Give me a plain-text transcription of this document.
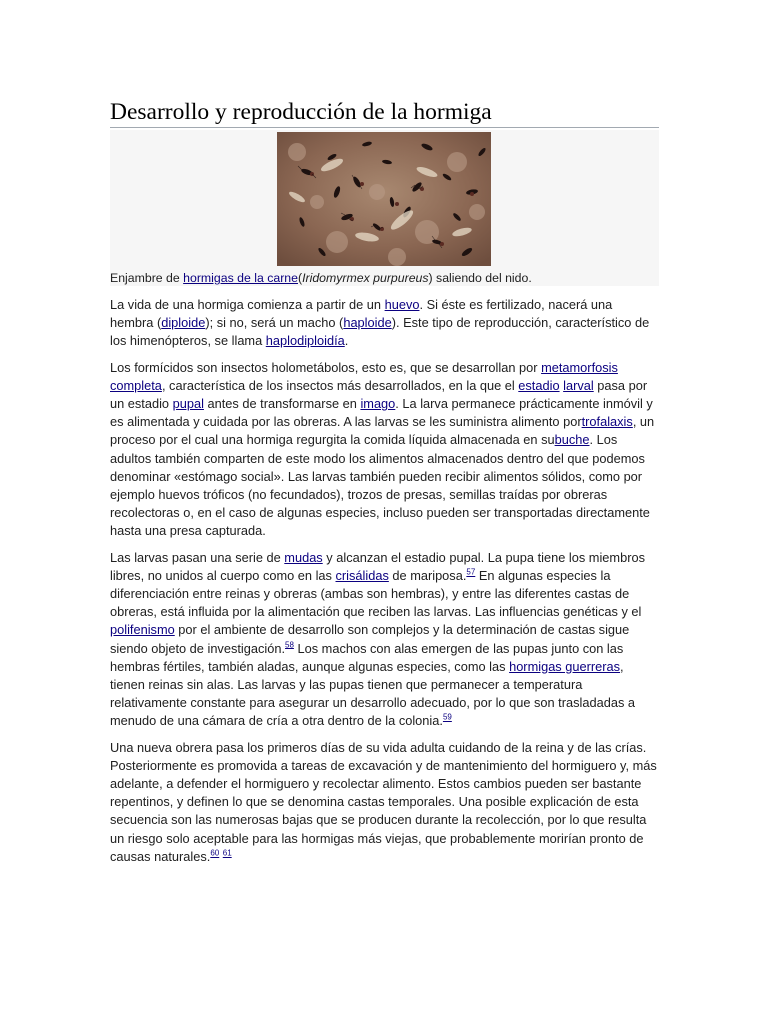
Desarrollo y reproducción de la hormiga
Enjambre de hormigas de la carne(Iridomyrmex purpureus) saliendo del nido.

La vida de una hormiga comienza a partir de un huevo. Si éste es fertilizado, nacerá una hembra (diploide); si no, será un macho (haploide). Este tipo de reproducción, característico de los himenópteros, se llama haplodiploidía.

Los formícidos son insectos holometábolos, esto es, que se desarrollan por metamorfosis completa, característica de los insectos más desarrollados, en la que el estadio larval pasa por un estadio pupal antes de transformarse en imago. La larva permanece prácticamente inmóvil y es alimentada y cuidada por las obreras. A las larvas se les suministra alimento portrofalaxis, un proceso por el cual una hormiga regurgita la comida líquida almacenada en subuche. Los adultos también comparten de este modo los alimentos almacenados dentro del que podemos denominar «estómago social». Las larvas también pueden recibir alimentos sólidos, como por ejemplo huevos tróficos (no fecundados), trozos de presas, semillas traídas por obreras recolectoras o, en el caso de algunas especies, incluso pueden ser transportadas directamente hasta una presa capturada.

Las larvas pasan una serie de mudas y alcanzan el estadio pupal. La pupa tiene los miembros libres, no unidos al cuerpo como en las crisálidas de mariposa.$^{57}$ En algunas especies la diferenciación entre reinas y obreras (ambas son hembras), y entre las diferentes castas de obreras, está influida por la alimentación que reciben las larvas. Las influencias genéticas y el polifenismo por el ambiente de desarrollo son complejos y la determinación de castas sigue siendo objeto de investigación.$^{58}$ Los machos con alas emergen de las pupas junto con las hembras fértiles, también aladas, aunque algunas especies, como las hormigas guerreras, tienen reinas sin alas. Las larvas y las pupas tienen que permanecer a temperatura relativamente constante para asegurar un desarrollo adecuado, por lo que son trasladadas a menudo de una cámara de cría a otra dentro de la colonia.$^{59}$

Una nueva obrera pasa los primeros días de su vida adulta cuidando de la reina y de las crías. Posteriormente es promovida a tareas de excavación y de mantenimiento del hormiguero y, más adelante, a defender el hormiguero y recolectar alimento. Estos cambios pueden ser bastante repentinos, y definen lo que se denomina castas temporales. Una posible explicación de esta secuencia son las numerosas bajas que se producen durante la recolección, por lo que resulta un riesgo solo aceptable para las hormigas más viejas, que probablemente morirían pronto de causas naturales.$^{60}$ $^{61}$
